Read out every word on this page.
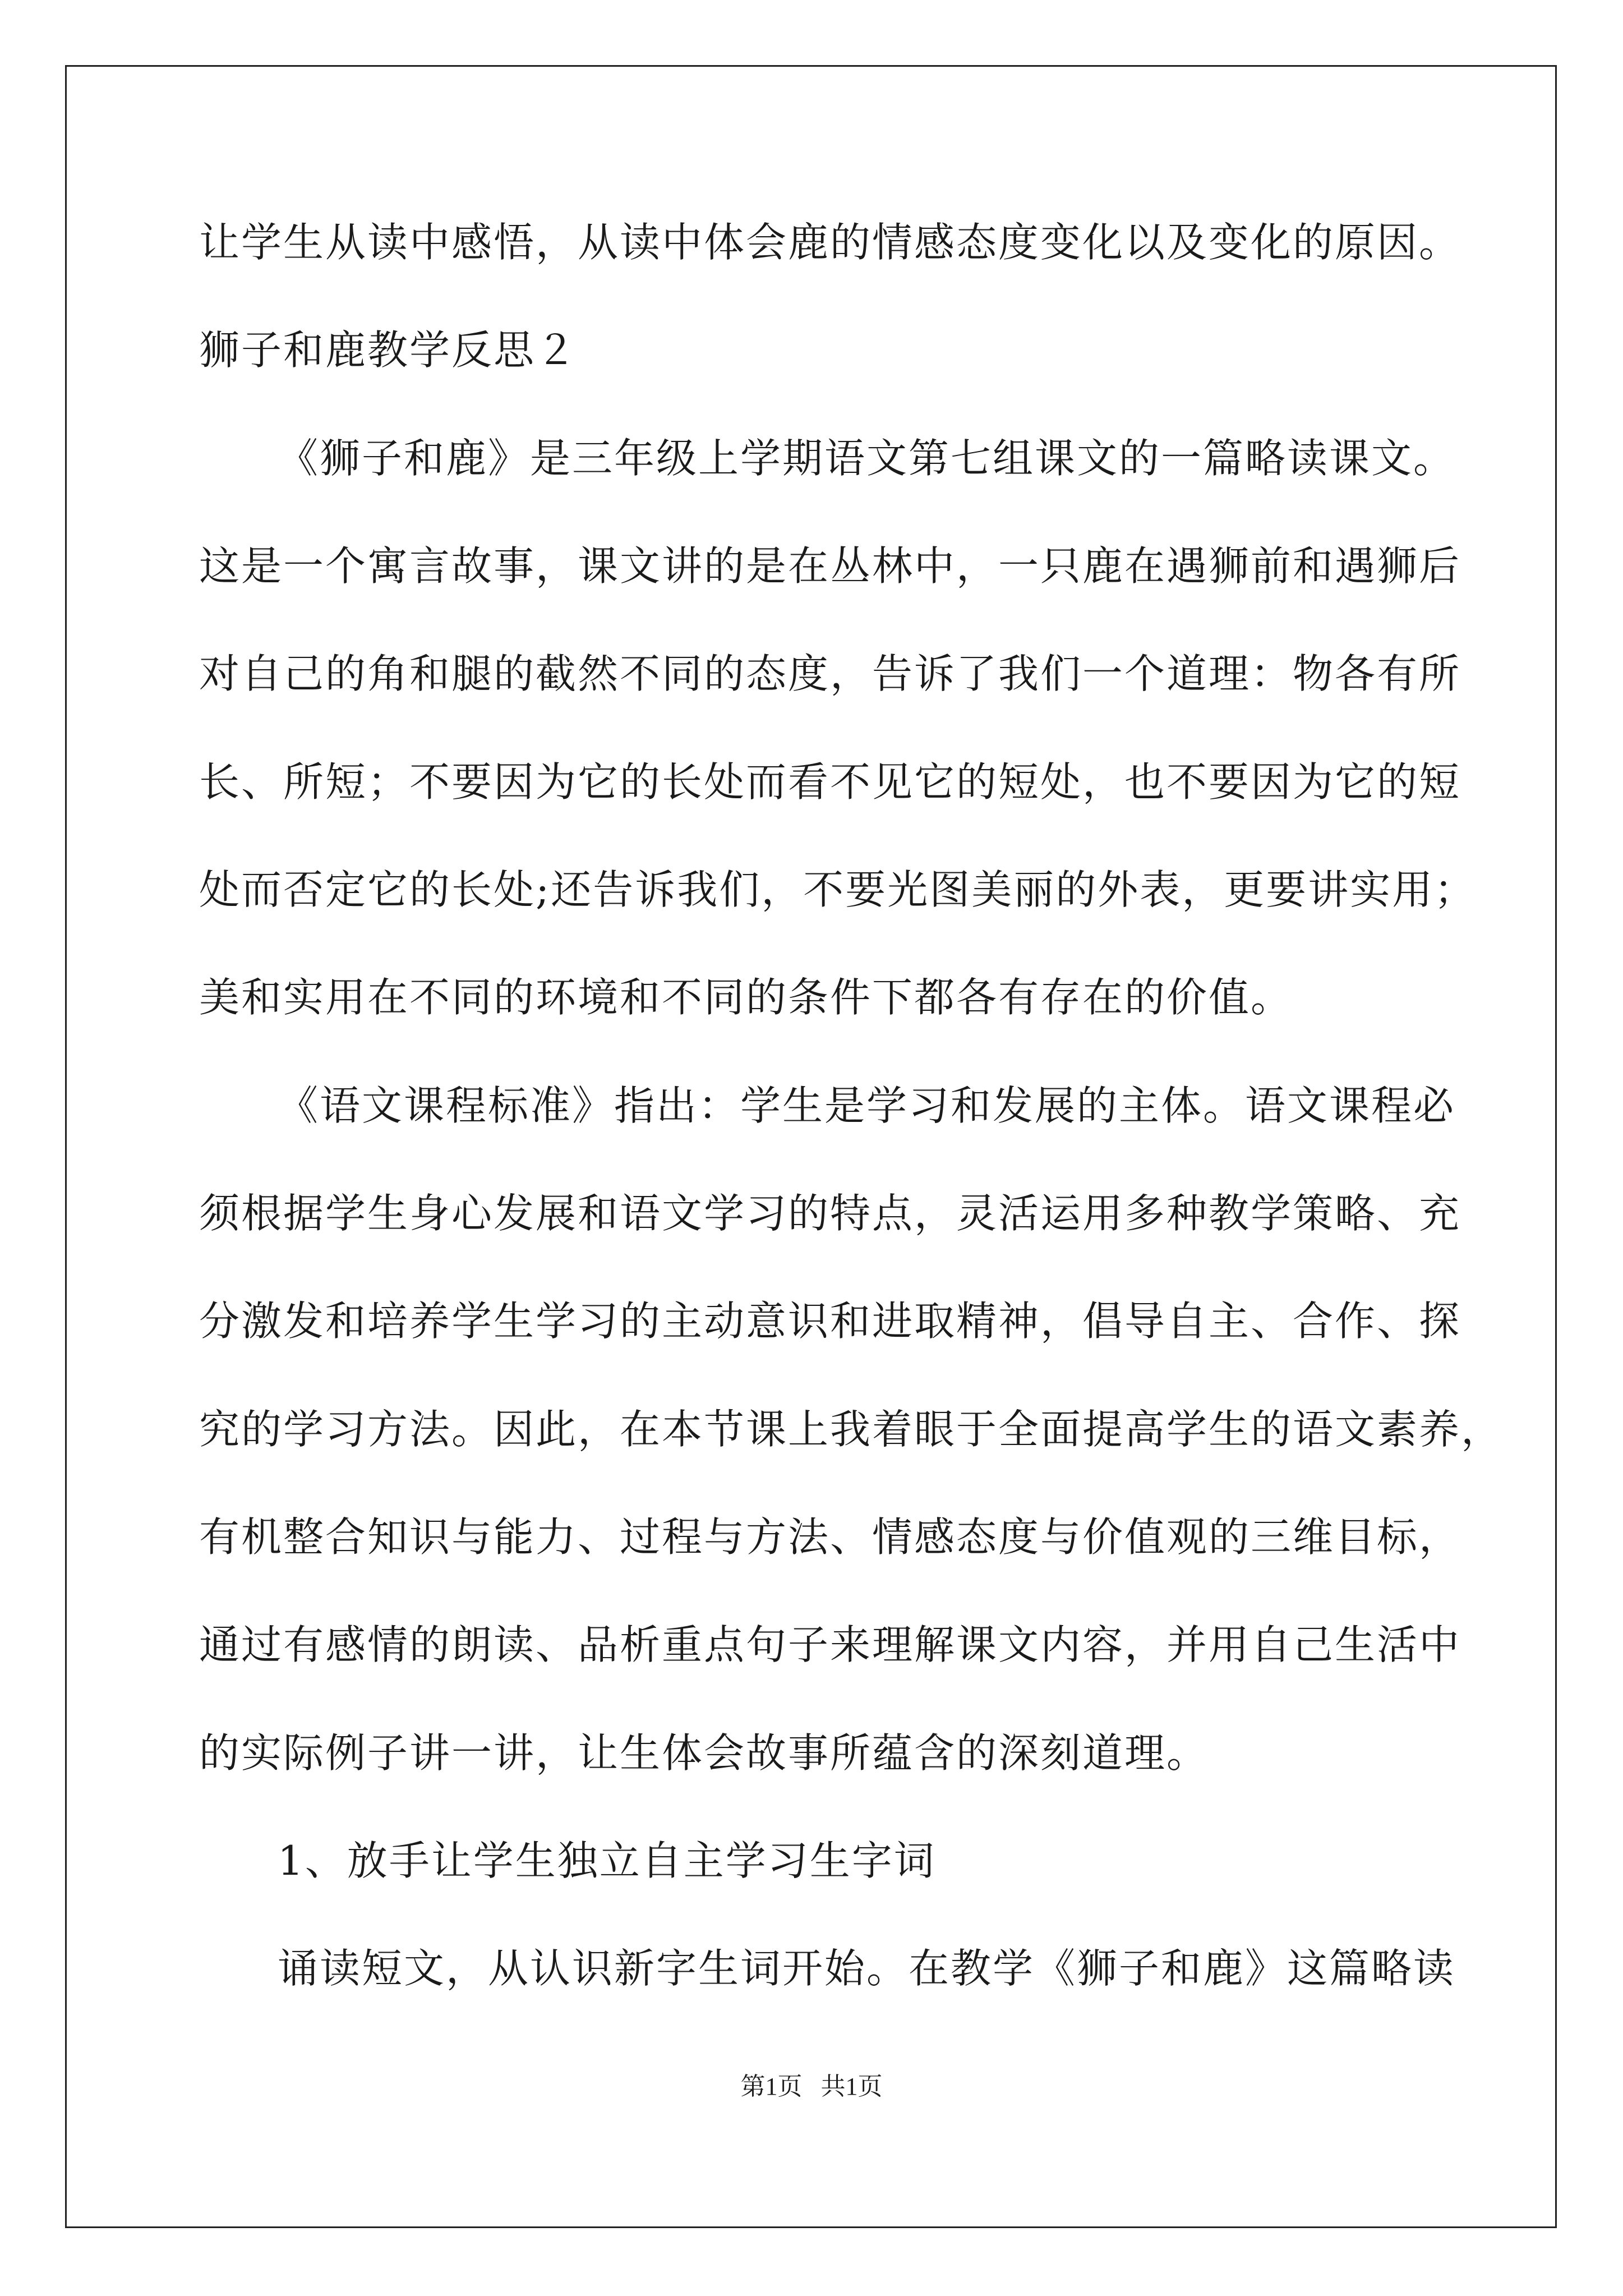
让学生从读中感悟，从读中体会鹿的情感态度变化以及变化的原因。
狮子和鹿教学反思２
《狮子和鹿》是三年级上学期语文第七组课文的一篇略读课文。
这是一个寓言故事，课文讲的是在丛林中，一只鹿在遇狮前和遇狮后
对自己的角和腿的截然不同的态度，告诉了我们一个道理：物各有所
长、所短；不要因为它的长处而看不见它的短处，也不要因为它的短
处而否定它的长处;还告诉我们，不要光图美丽的外表，更要讲实用；
美和实用在不同的环境和不同的条件下都各有存在的价值。
《语文课程标准》指出：学生是学习和发展的主体。语文课程必
须根据学生身心发展和语文学习的特点，灵活运用多种教学策略、充
分激发和培养学生学习的主动意识和进取精神，倡导自主、合作、探
究的学习方法。因此，在本节课上我着眼于全面提高学生的语文素养，
有机整合知识与能力、过程与方法、情感态度与价值观的三维目标，
通过有感情的朗读、品析重点句子来理解课文内容，并用自己生活中
的实际例子讲一讲，让生体会故事所蕴含的深刻道理。
1、放手让学生独立自主学习生字词
诵读短文，从认识新字生词开始。在教学《狮子和鹿》这篇略读
第1页   共1页
